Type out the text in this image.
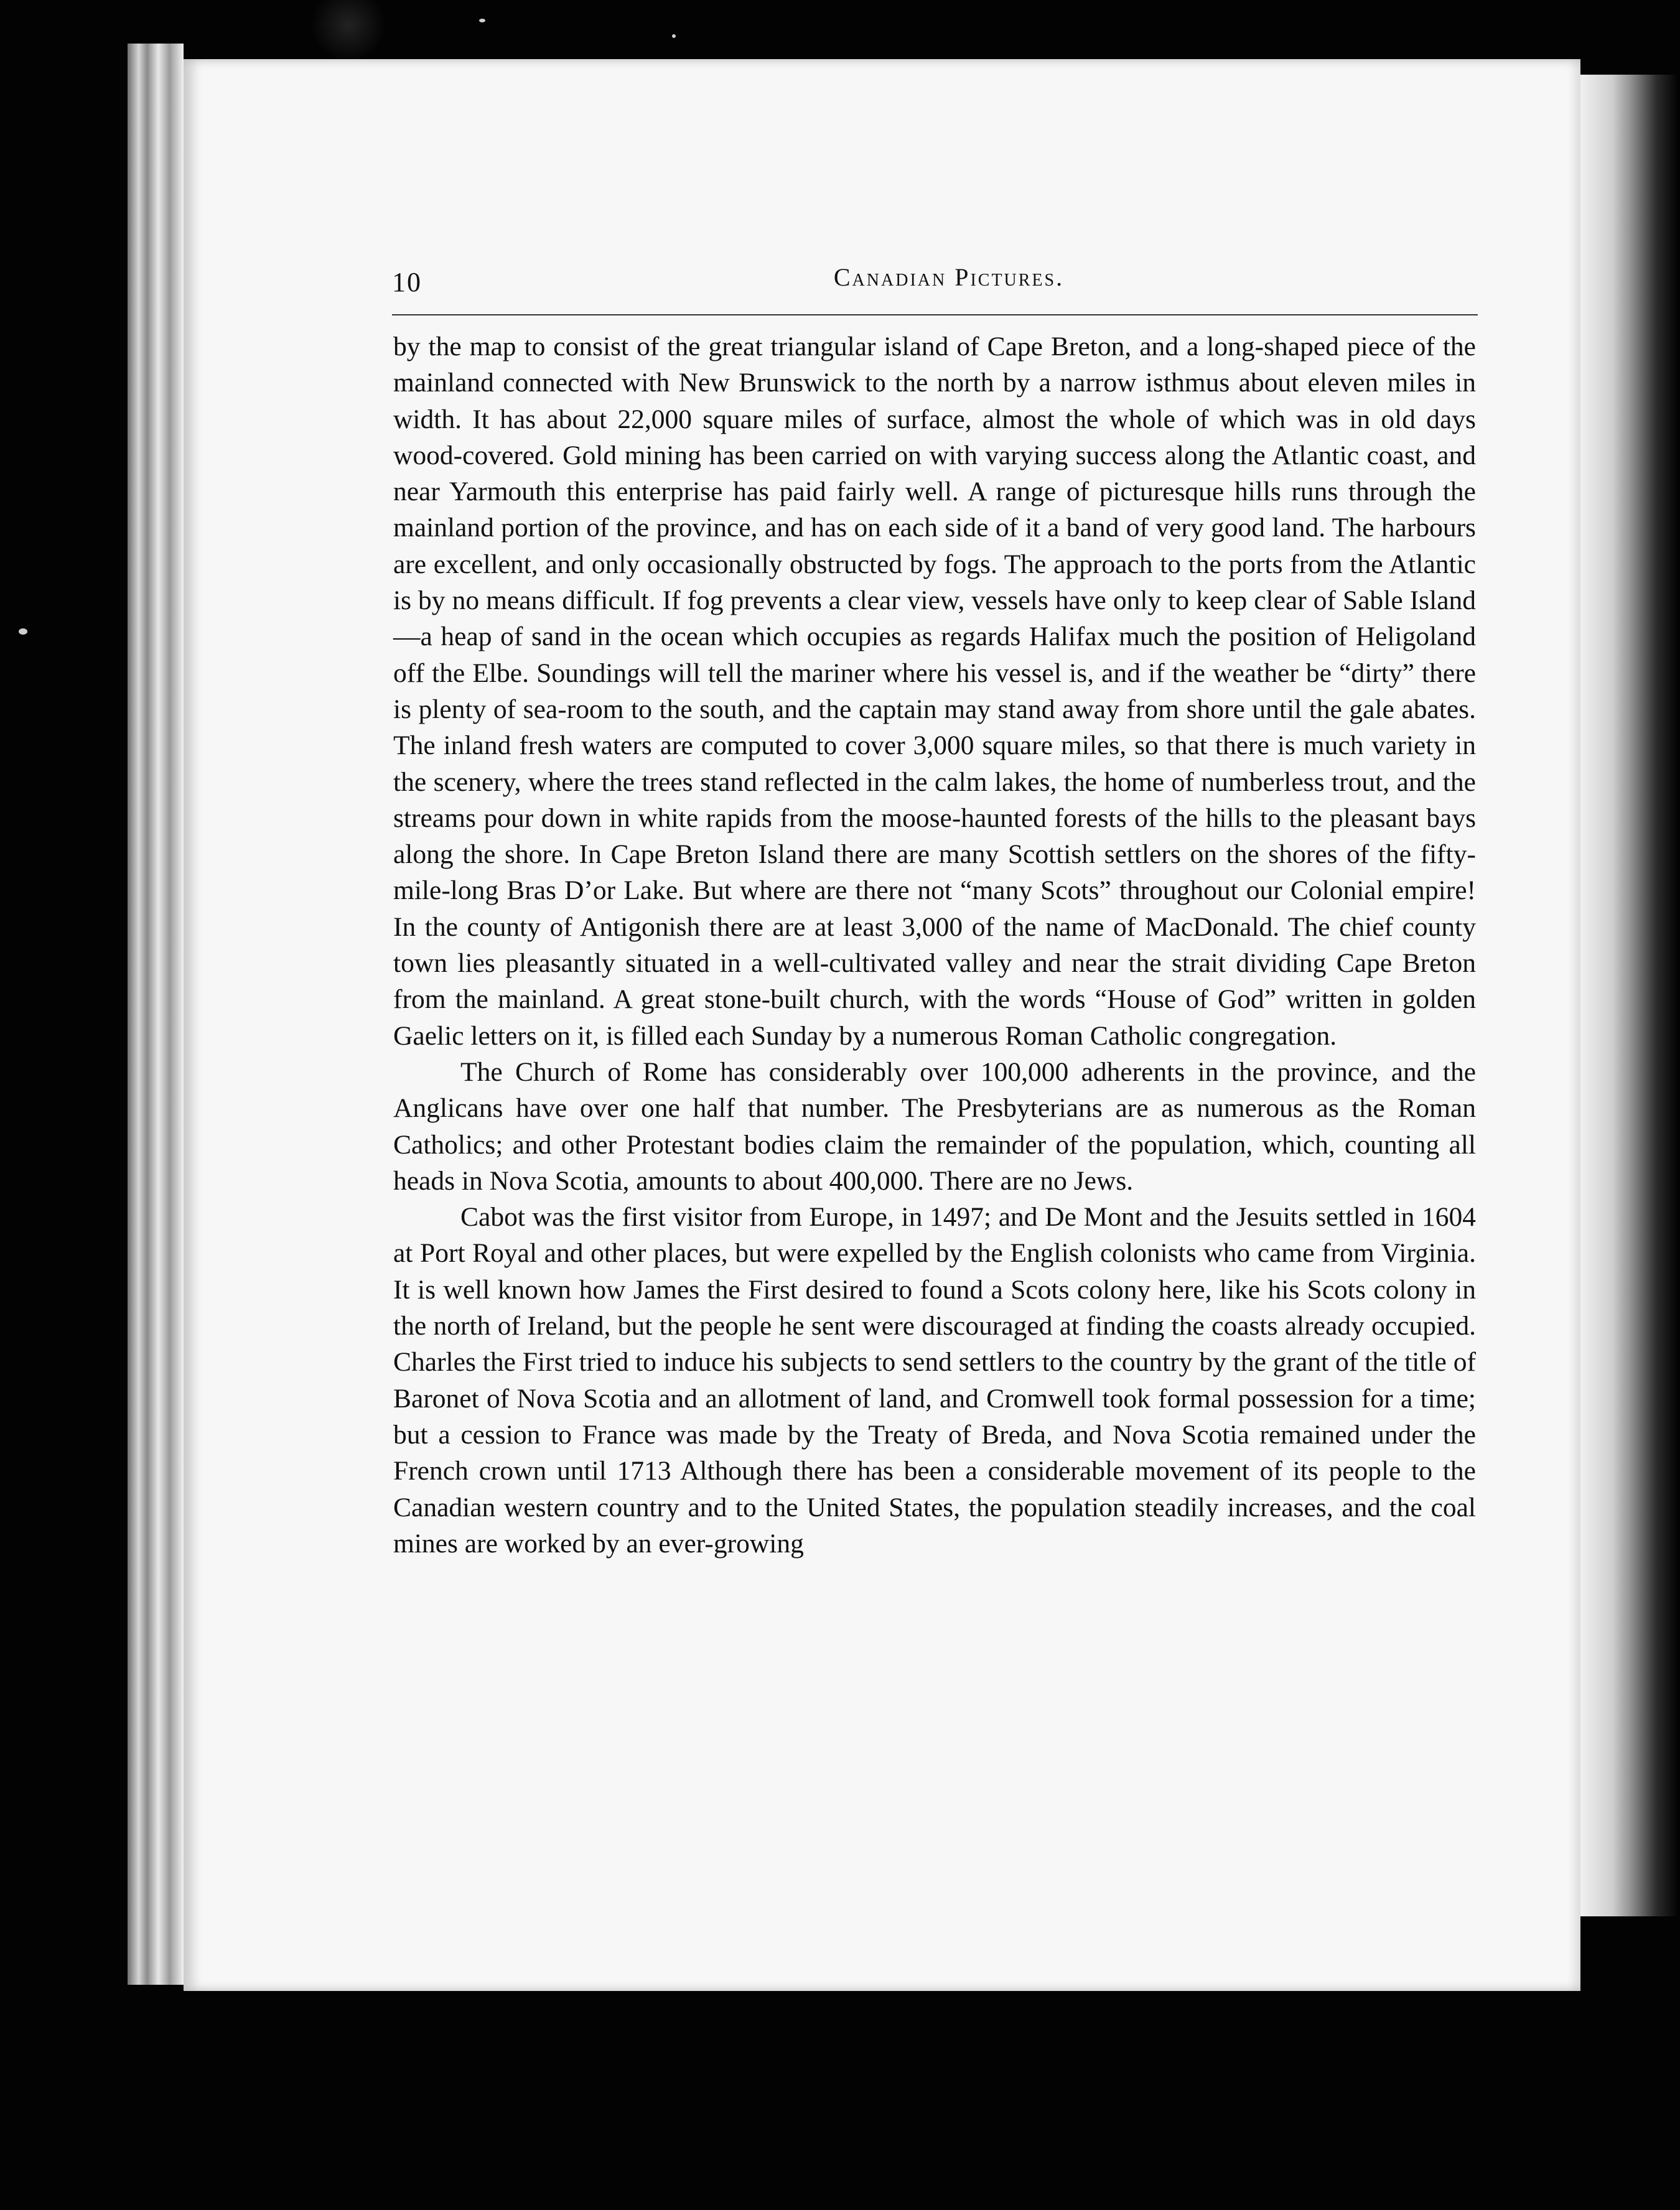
10	Canadian Pictures.

by the map to consist of the great triangular island of Cape Breton, and a long-shaped piece of the mainland connected with New Brunswick to the north by a narrow isthmus about eleven miles in width. It has about 22,000 square miles of surface, almost the whole of which was in old days wood-covered. Gold mining has been carried on with varying success along the Atlantic coast, and near Yarmouth this enterprise has paid fairly well. A range of picturesque hills runs through the mainland portion of the province, and has on each side of it a band of very good land. The harbours are excellent, and only occasionally obstructed by fogs. The approach to the ports from the Atlantic is by no means difficult. If fog prevents a clear view, vessels have only to keep clear of Sable Island—a heap of sand in the ocean which occupies as regards Halifax much the position of Heligoland off the Elbe. Soundings will tell the mariner where his vessel is, and if the weather be “dirty” there is plenty of sea-room to the south, and the captain may stand away from shore until the gale abates. The inland fresh waters are computed to cover 3,000 square miles, so that there is much variety in the scenery, where the trees stand reflected in the calm lakes, the home of numberless trout, and the streams pour down in white rapids from the moose-haunted forests of the hills to the pleasant bays along the shore. In Cape Breton Island there are many Scottish settlers on the shores of the fifty-mile-long Bras D’or Lake. But where are there not “many Scots” throughout our Colonial empire! In the county of Antigonish there are at least 3,000 of the name of MacDonald. The chief county town lies pleasantly situated in a well-cultivated valley and near the strait dividing Cape Breton from the mainland. A great stone-built church, with the words “House of God” written in golden Gaelic letters on it, is filled each Sunday by a numerous Roman Catholic congregation.

The Church of Rome has considerably over 100,000 adherents in the province, and the Anglicans have over one half that number. The Presbyterians are as numerous as the Roman Catholics; and other Protestant bodies claim the remainder of the population, which, counting all heads in Nova Scotia, amounts to about 400,000. There are no Jews.

Cabot was the first visitor from Europe, in 1497; and De Mont and the Jesuits settled in 1604 at Port Royal and other places, but were expelled by the English colonists who came from Virginia. It is well known how James the First desired to found a Scots colony here, like his Scots colony in the north of Ireland, but the people he sent were discouraged at finding the coasts already occupied. Charles the First tried to induce his subjects to send settlers to the country by the grant of the title of Baronet of Nova Scotia and an allotment of land, and Cromwell took formal possession for a time; but a cession to France was made by the Treaty of Breda, and Nova Scotia remained under the French crown until 1713 Although there has been a considerable movement of its people to the Canadian western country and to the United States, the population steadily increases, and the coal mines are worked by an ever-growing
